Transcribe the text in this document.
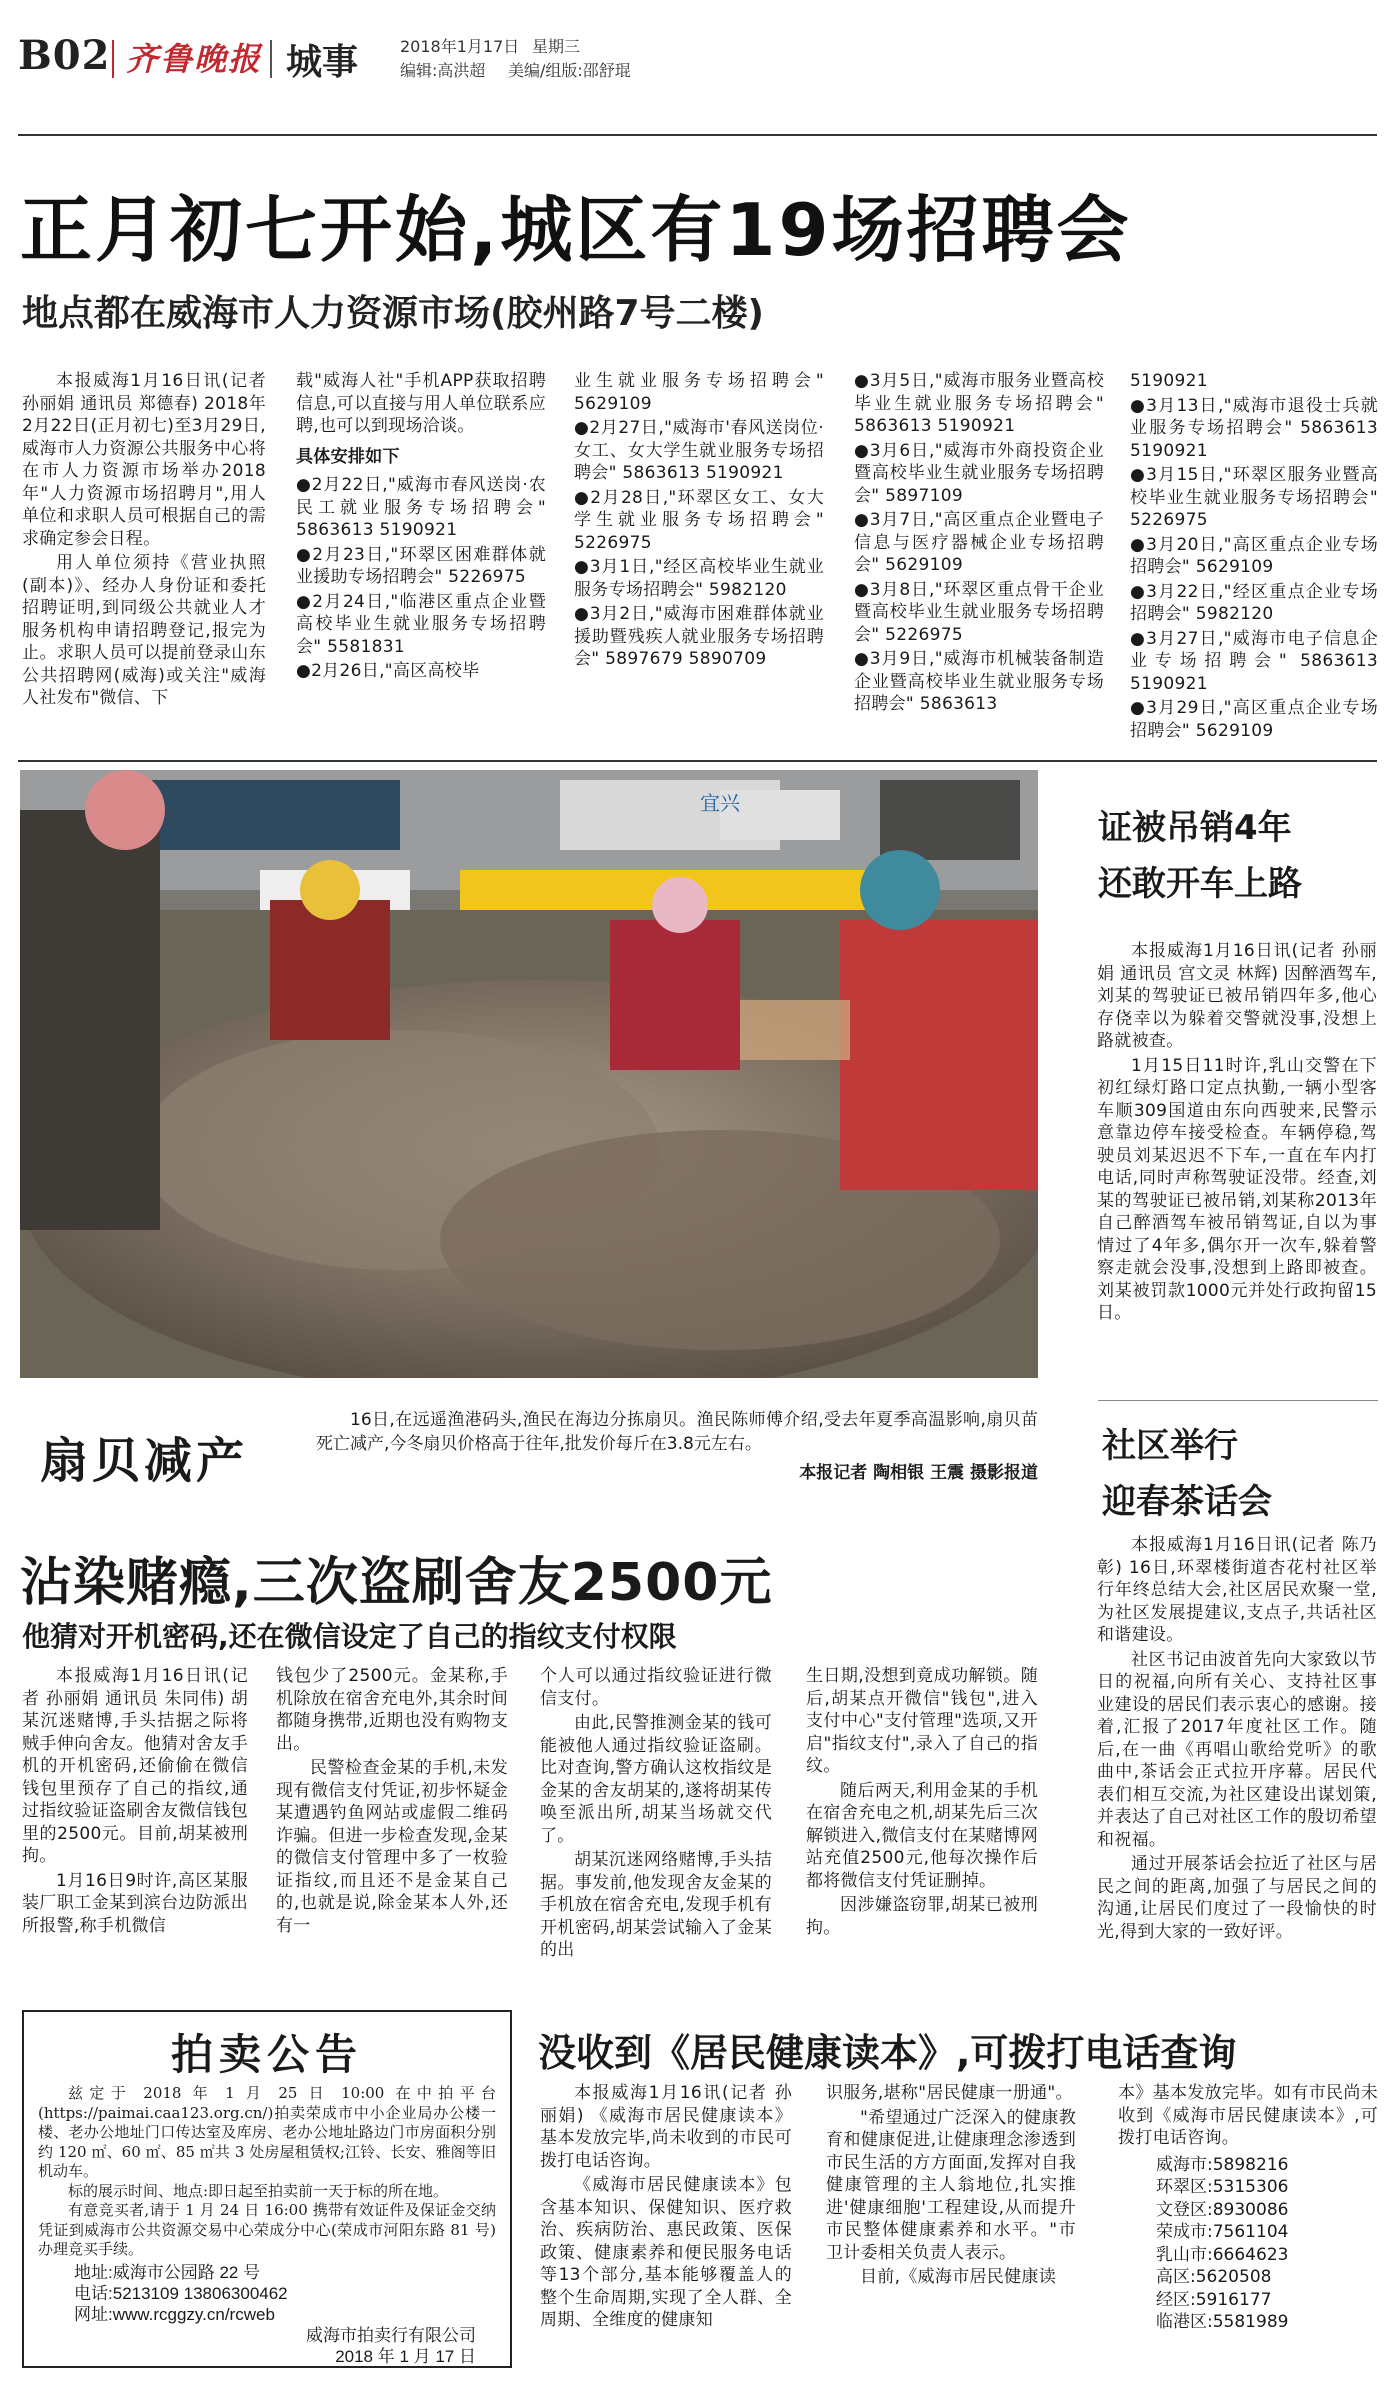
B02 齐鲁晚报 城事	2018年1月17日 星期三
编辑:高洪超 美编/组版:邵舒琨
正月初七开始,城区有19场招聘会
地点都在威海市人力资源市场(胶州路7号二楼)

本报威海1月16日讯(记者 孙丽娟 通讯员 郑德春) 2018年2月22日(正月初七)至3月29日,威海市人力资源公共服务中心将在市人力资源市场举办2018年"人力资源市场招聘月",用人单位和求职人员可根据自己的需求确定参会日程。

用人单位须持《营业执照(副本)》、经办人身份证和委托招聘证明,到同级公共就业人才服务机构申请招聘登记,报完为止。求职人员可以提前登录山东公共招聘网(威海)或关注"威海人社发布"微信、下

载"威海人社"手机APP获取招聘信息,可以直接与用人单位联系应聘,也可以到现场洽谈。

具体安排如下

●2月22日,"威海市春风送岗·农民工就业服务专场招聘会" 5863613 5190921

●2月23日,"环翠区困难群体就业援助专场招聘会" 5226975

●2月24日,"临港区重点企业暨高校毕业生就业服务专场招聘会" 5581831

●2月26日,"高区高校毕

业生就业服务专场招聘会" 5629109

●2月27日,"威海市'春风送岗位·女工、女大学生就业服务专场招聘会" 5863613 5190921

●2月28日,"环翠区女工、女大学生就业服务专场招聘会" 5226975

●3月1日,"经区高校毕业生就业服务专场招聘会" 5982120

●3月2日,"威海市困难群体就业援助暨残疾人就业服务专场招聘会" 5897679 5890709

●3月5日,"威海市服务业暨高校毕业生就业服务专场招聘会" 5863613 5190921

●3月6日,"威海市外商投资企业暨高校毕业生就业服务专场招聘会" 5897109

●3月7日,"高区重点企业暨电子信息与医疗器械企业专场招聘会" 5629109

●3月8日,"环翠区重点骨干企业暨高校毕业生就业服务专场招聘会" 5226975

●3月9日,"威海市机械装备制造企业暨高校毕业生就业服务专场招聘会" 5863613

5190921

●3月13日,"威海市退役士兵就业服务专场招聘会" 5863613 5190921

●3月15日,"环翠区服务业暨高校毕业生就业服务专场招聘会" 5226975

●3月20日,"高区重点企业专场招聘会" 5629109

●3月22日,"经区重点企业专场招聘会" 5982120

●3月27日,"威海市电子信息企业专场招聘会" 5863613 5190921

●3月29日,"高区重点企业专场招聘会" 5629109

宜兴
扇贝减产
16日,在远遥渔港码头,渔民在海边分拣扇贝。渔民陈师傅介绍,受去年夏季高温影响,扇贝苗死亡减产,今冬扇贝价格高于往年,批发价每斤在3.8元左右。
本报记者 陶相银 王震 摄影报道
证被吊销4年
还敢开车上路

本报威海1月16日讯(记者 孙丽娟 通讯员 宫文灵 林辉) 因醉酒驾车,刘某的驾驶证已被吊销四年多,他心存侥幸以为躲着交警就没事,没想上路就被查。

1月15日11时许,乳山交警在下初红绿灯路口定点执勤,一辆小型客车顺309国道由东向西驶来,民警示意靠边停车接受检查。车辆停稳,驾驶员刘某迟迟不下车,一直在车内打电话,同时声称驾驶证没带。经查,刘某的驾驶证已被吊销,刘某称2013年自己醉酒驾车被吊销驾证,自以为事情过了4年多,偶尔开一次车,躲着警察走就会没事,没想到上路即被查。刘某被罚款1000元并处行政拘留15日。

社区举行
迎春茶话会

本报威海1月16日讯(记者 陈乃彰) 16日,环翠楼街道杏花村社区举行年终总结大会,社区居民欢聚一堂,为社区发展提建议,支点子,共话社区和谐建设。

社区书记由波首先向大家致以节日的祝福,向所有关心、支持社区事业建设的居民们表示衷心的感谢。接着,汇报了2017年度社区工作。随后,在一曲《再唱山歌给党听》的歌曲中,茶话会正式拉开序幕。居民代表们相互交流,为社区建设出谋划策,并表达了自己对社区工作的殷切希望和祝福。

通过开展茶话会拉近了社区与居民之间的距离,加强了与居民之间的沟通,让居民们度过了一段愉快的时光,得到大家的一致好评。

沾染赌瘾,三次盗刷舍友2500元
他猜对开机密码,还在微信设定了自己的指纹支付权限

本报威海1月16日讯(记者 孙丽娟 通讯员 朱同伟) 胡某沉迷赌博,手头拮据之际将贼手伸向舍友。他猜对舍友手机的开机密码,还偷偷在微信钱包里预存了自己的指纹,通过指纹验证盗刷舍友微信钱包里的2500元。目前,胡某被刑拘。

1月16日9时许,高区某服装厂职工金某到滨台边防派出所报警,称手机微信

钱包少了2500元。金某称,手机除放在宿舍充电外,其余时间都随身携带,近期也没有购物支出。

民警检查金某的手机,未发现有微信支付凭证,初步怀疑金某遭遇钓鱼网站或虚假二维码诈骗。但进一步检查发现,金某的微信支付管理中多了一枚验证指纹,而且还不是金某自己的,也就是说,除金某本人外,还有一

个人可以通过指纹验证进行微信支付。

由此,民警推测金某的钱可能被他人通过指纹验证盗刷。比对查询,警方确认这枚指纹是金某的舍友胡某的,遂将胡某传唤至派出所,胡某当场就交代了。

胡某沉迷网络赌博,手头拮据。事发前,他发现舍友金某的手机放在宿舍充电,发现手机有开机密码,胡某尝试输入了金某的出

生日期,没想到竟成功解锁。随后,胡某点开微信"钱包",进入支付中心"支付管理"选项,又开启"指纹支付",录入了自己的指纹。

随后两天,利用金某的手机在宿舍充电之机,胡某先后三次解锁进入,微信支付在某赌博网站充值2500元,他每次操作后都将微信支付凭证删掉。

因涉嫌盗窃罪,胡某已被刑拘。

拍卖公告
兹定于 2018 年 1 月 25 日 10:00 在中拍平台(https://paimai.caa123.org.cn/)拍卖荣成市中小企业局办公楼一楼、老办公地址门口传达室及库房、老办公地址路边门市房面积分别约 120 ㎡、60 ㎡、85 ㎡共 3 处房屋租赁权;江铃、长安、雅阁等旧机动车。
标的展示时间、地点:即日起至拍卖前一天于标的所在地。
有意竞买者,请于 1 月 24 日 16:00 携带有效证件及保证金交纳凭证到威海市公共资源交易中心荣成分中心(荣成市河阳东路 81 号)办理竞买手续。
地址:威海市公园路 22 号
电话:5213109 13806300462
网址:www.rcggzy.cn/rcweb
威海市拍卖行有限公司
2018 年 1 月 17 日
没收到《居民健康读本》,可拨打电话查询

本报威海1月16讯(记者 孙丽娟) 《威海市居民健康读本》基本发放完毕,尚未收到的市民可拨打电话咨询。

《威海市居民健康读本》包含基本知识、保健知识、医疗救治、疾病防治、惠民政策、医保政策、健康素养和便民服务电话等13个部分,基本能够覆盖人的整个生命周期,实现了全人群、全周期、全维度的健康知

识服务,堪称"居民健康一册通"。

"希望通过广泛深入的健康教育和健康促进,让健康理念渗透到市民生活的方方面面,发挥对自我健康管理的主人翁地位,扎实推进'健康细胞'工程建设,从而提升市民整体健康素养和水平。"市卫计委相关负责人表示。

目前,《威海市居民健康读

本》基本发放完毕。如有市民尚未收到《威海市居民健康读本》,可拨打电话咨询。

威海市:5898216
环翠区:5315306
文登区:8930086
荣成市:7561104
乳山市:6664623
高区:5620508
经区:5916177
临港区:5581989
